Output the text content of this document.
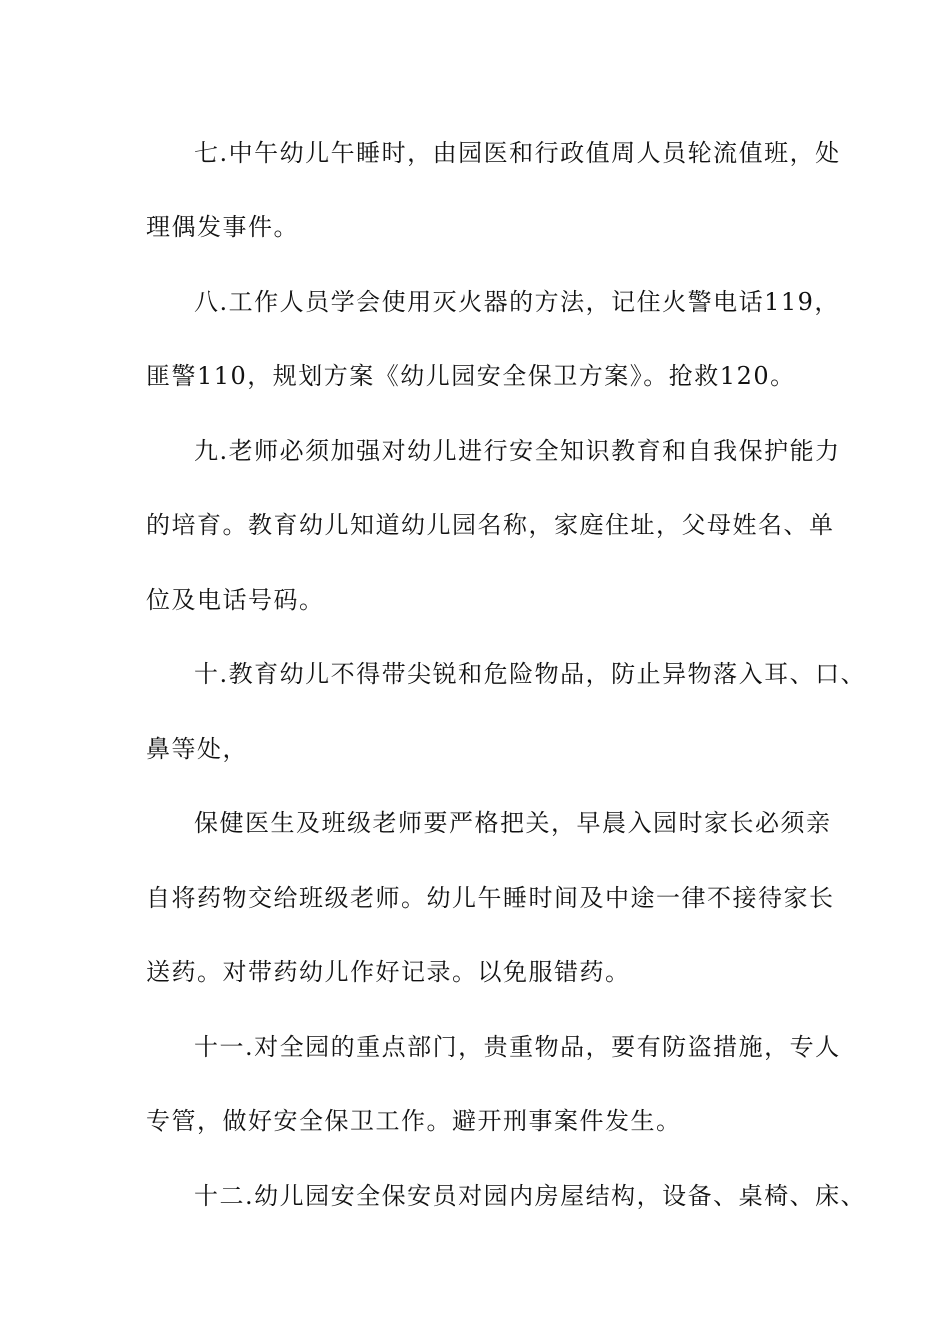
七.中午幼儿午睡时，由园医和行政值周人员轮流值班，处
理偶发事件。
八.工作人员学会使用灭火器的方法，记住火警电话119，
匪警110，规划方案《幼儿园安全保卫方案》。抢救120。
九.老师必须加强对幼儿进行安全知识教育和自我保护能力
的培育。教育幼儿知道幼儿园名称，家庭住址，父母姓名、单
位及电话号码。
十.教育幼儿不得带尖锐和危险物品，防止异物落入耳、口、
鼻等处，
保健医生及班级老师要严格把关，早晨入园时家长必须亲
自将药物交给班级老师。幼儿午睡时间及中途一律不接待家长
送药。对带药幼儿作好记录。以免服错药。
十一.对全园的重点部门，贵重物品，要有防盗措施，专人
专管，做好安全保卫工作。避开刑事案件发生。
十二.幼儿园安全保安员对园内房屋结构，设备、桌椅、床、
